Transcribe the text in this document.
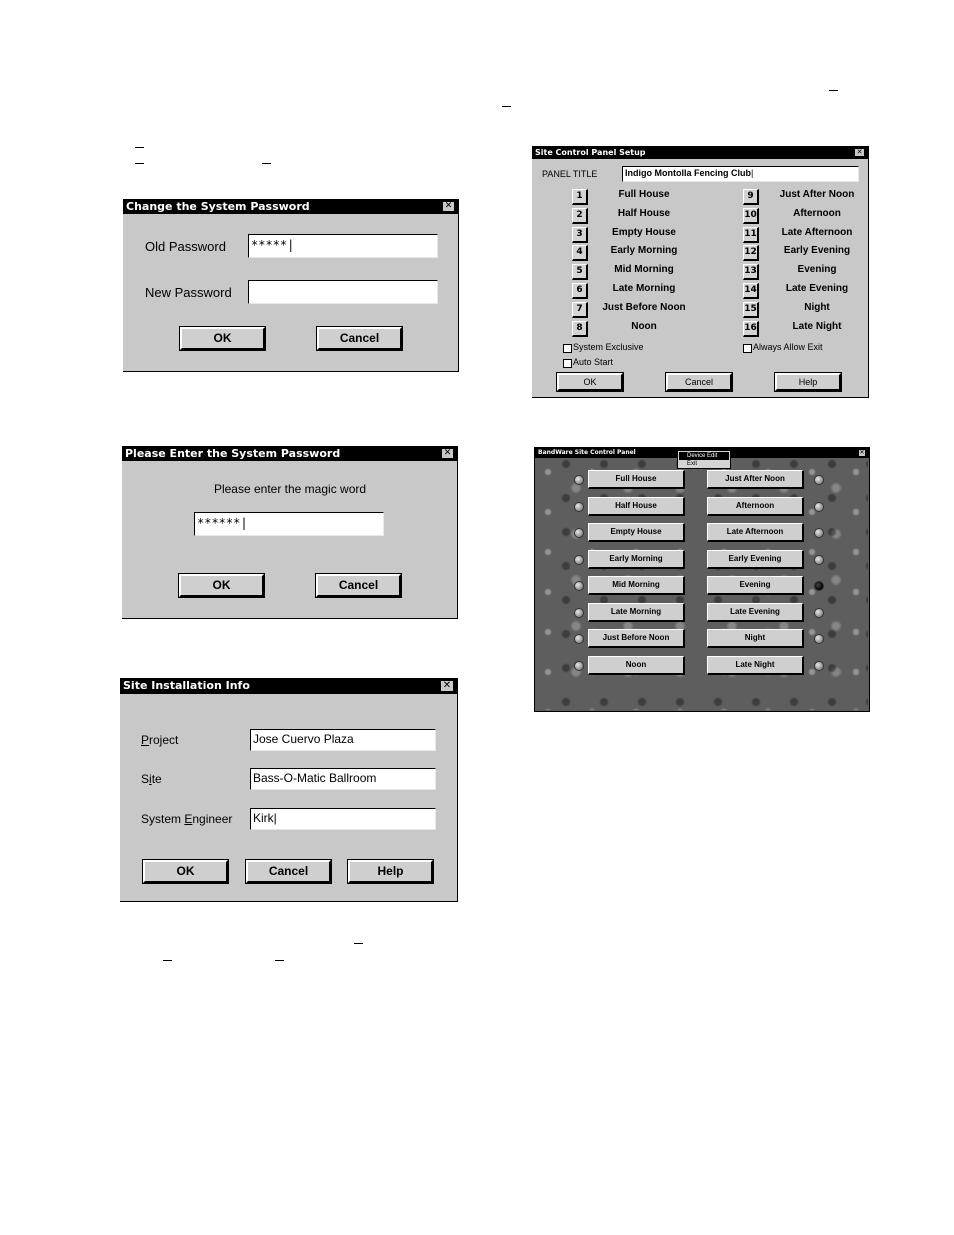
Change the System Password	✕
Old Password ***** |
New Password
OK	Cancel
Please Enter the System Password	✕
Please enter the magic word
****** |
OK	Cancel
Site Installation Info	✕
Project	Jose Cuervo Plaza
Site	Bass-O-Matic Ballroom
System Engineer Kirk |
OK	Cancel	Help
Site Control Panel Setup	✕
PANEL TITLE	Indigo Montolla Fencing Club |
1	Full House
2	Half House
3	Empty House
4	Early Morning
5	Mid Morning
6	Late Morning
7	Just Before Noon
8	Noon
9	Just After Noon
10	Afternoon
11	Late Afternoon
12	Early Evening
13	Evening
14	Late Evening
15	Night
16	Late Night
System Exclusive
Auto Start
Always Allow Exit
OK	Cancel	Help
BandWare Site Control Panel	✕
Full House
Half House
Empty House
Early Morning
Mid Morning
Late Morning
Just Before Noon
Noon
Just After Noon
Afternoon
Late Afternoon
Early Evening
Evening
Late Evening
Night
Late Night
Device Edit
Exit
